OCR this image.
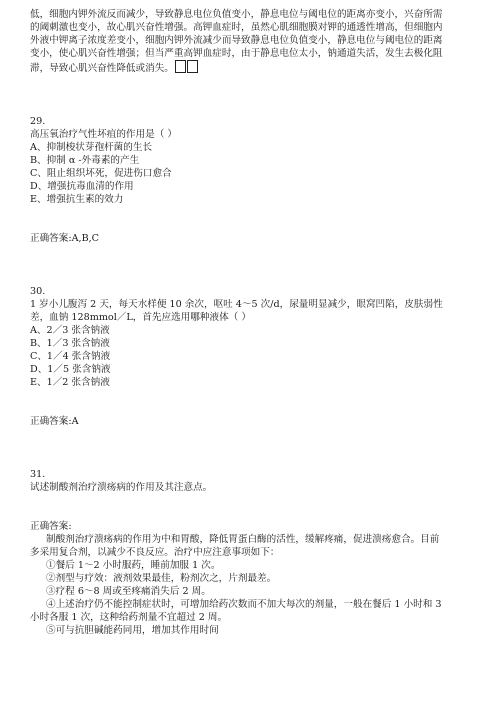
低，细胞内钾外流反而减少，导致静息电位负值变小，静息电位与阈电位的距离亦变小，兴奋所需

的阈刺激也变小，故心肌兴奋性增强。高钾血症时，虽然心肌细胞膜对钾的通透性增高，但细胞内

外液中钾离子浓度差变小，细胞内钾外流减少而导致静息电位负值变小，静息电位与阈电位的距离

变小，使心肌兴奋性增强；但当严重高钾血症时，由于静息电位太小，钠通道失活，发生去极化阻

滞，导致心肌兴奋性降低或消失。

29.

高压氧治疗气性坏疽的作用是（ ）

A、抑制梭状芽孢杆菌的生长

B、抑制 α -外毒素的产生

C、阻止组织坏死，促进伤口愈合

D、增强抗毒血清的作用

E、增强抗生素的效力

正确答案:A,B,C

30.

1 岁小儿腹泻 2 天，每天水样便 10 余次，呕吐 4～5 次/d，尿量明显减少，眼窝凹陷，皮肤弱性

差，血钠 128mmol／L，首先应选用哪种液体（ ）

A、2／3 张含钠液

B、1／3 张含钠液

C、1／4 张含钠液

D、1／5 张含钠液

E、1／2 张含钠液

正确答案:A

31.

试述制酸剂治疗溃疡病的作用及其注意点。

正确答案:

制酸剂治疗溃疡病的作用为中和胃酸，降低胃蛋白酶的活性，缓解疼痛，促进溃疡愈合。目前

多采用复合剂，以减少不良反应。治疗中应注意事项如下：

①餐后 1～2 小时服药，睡前加服 1 次。

②剂型与疗效：液剂效果最佳，粉剂次之，片剂最差。

③疗程 6～8 周或至疼痛消失后 2 周。

④上述治疗仍不能控制症状时，可增加给药次数而不加大每次的剂量，一般在餐后 1 小时和 3

小时各服 1 次，这种给药剂量不宜超过 2 周。

⑤可与抗胆碱能药同用，增加其作用时间
